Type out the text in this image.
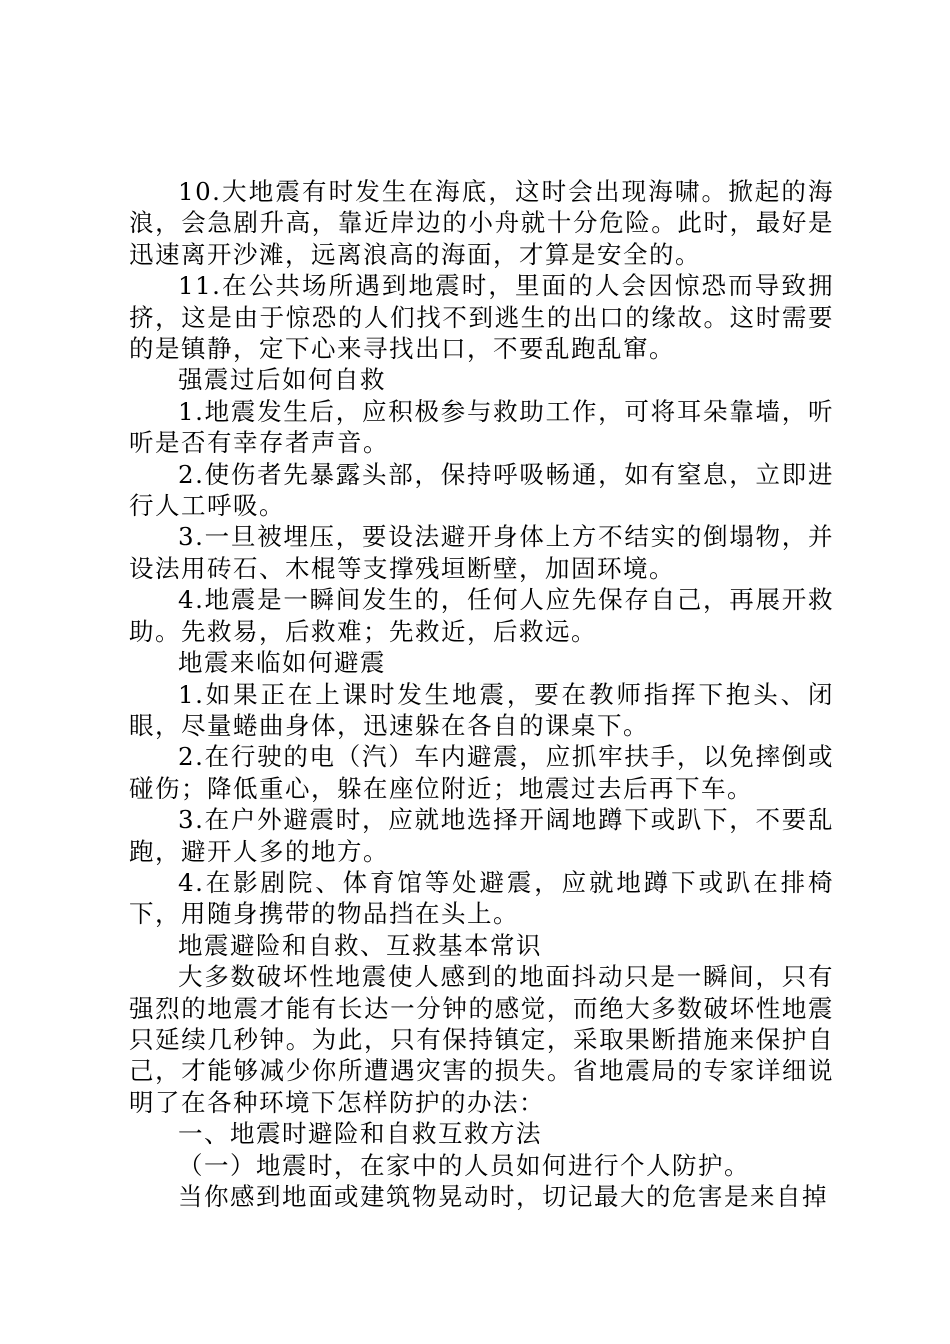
10.大地震有时发生在海底，这时会出现海啸。掀起的海浪，会急剧升高，靠近岸边的小舟就十分危险。此时，最好是迅速离开沙滩，远离浪高的海面，才算是安全的。

11.在公共场所遇到地震时，里面的人会因惊恐而导致拥挤，这是由于惊恐的人们找不到逃生的出口的缘故。这时需要的是镇静，定下心来寻找出口，不要乱跑乱窜。

强震过后如何自救

1.地震发生后，应积极参与救助工作，可将耳朵靠墙，听听是否有幸存者声音。

2.使伤者先暴露头部，保持呼吸畅通，如有窒息，立即进行人工呼吸。

3.一旦被埋压，要设法避开身体上方不结实的倒塌物，并设法用砖石、木棍等支撑残垣断壁，加固环境。

4.地震是一瞬间发生的，任何人应先保存自己，再展开救助。先救易，后救难；先救近，后救远。

地震来临如何避震

1.如果正在上课时发生地震，要在教师指挥下抱头、闭眼，尽量蜷曲身体，迅速躲在各自的课桌下。

2.在行驶的电（汽）车内避震，应抓牢扶手，以免摔倒或碰伤；降低重心，躲在座位附近；地震过去后再下车。

3.在户外避震时，应就地选择开阔地蹲下或趴下，不要乱跑，避开人多的地方。

4.在影剧院、体育馆等处避震，应就地蹲下或趴在排椅下，用随身携带的物品挡在头上。

地震避险和自救、互救基本常识

大多数破坏性地震使人感到的地面抖动只是一瞬间，只有强烈的地震才能有长达一分钟的感觉，而绝大多数破坏性地震只延续几秒钟。为此，只有保持镇定，采取果断措施来保护自己，才能够减少你所遭遇灾害的损失。省地震局的专家详细说明了在各种环境下怎样防护的办法：

一、地震时避险和自救互救方法

（一）地震时，在家中的人员如何进行个人防护。

当你感到地面或建筑物晃动时，切记最大的危害是来自掉
